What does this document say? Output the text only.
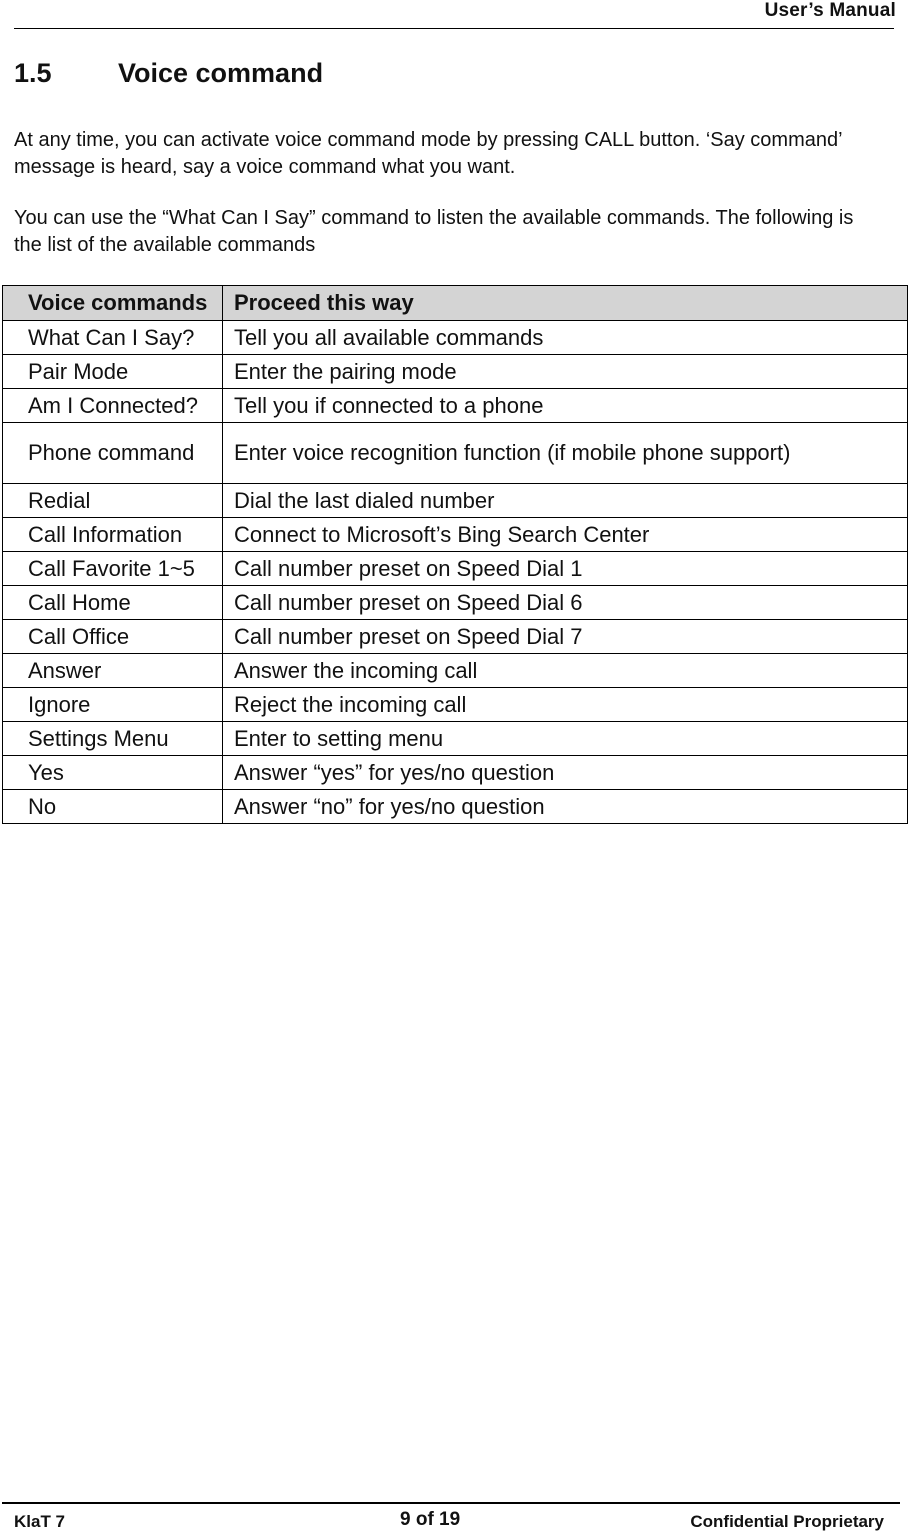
User’s Manual
1.5 Voice command
At any time, you can activate voice command mode by pressing CALL button. ‘Say command’ message is heard, say a voice command what you want.
You can use the “What Can I Say” command to listen the available commands. The following is the list of the available commands
Voice commands	Proceed this way
What Can I Say?	Tell you all available commands
Pair Mode	Enter the pairing mode
Am I Connected?	Tell you if connected to a phone
Phone command	Enter voice recognition function (if mobile phone support)
Redial	Dial the last dialed number
Call Information	Connect to Microsoft’s Bing Search Center
Call Favorite 1~5	Call number preset on Speed Dial 1
Call Home	Call number preset on Speed Dial 6
Call Office	Call number preset on Speed Dial 7
Answer	Answer the incoming call
Ignore	Reject the incoming call
Settings Menu	Enter to setting menu
Yes	Answer “yes” for yes/no question
No	Answer “no” for yes/no question
KlaT 7	9 of 19	Confidential Proprietary
